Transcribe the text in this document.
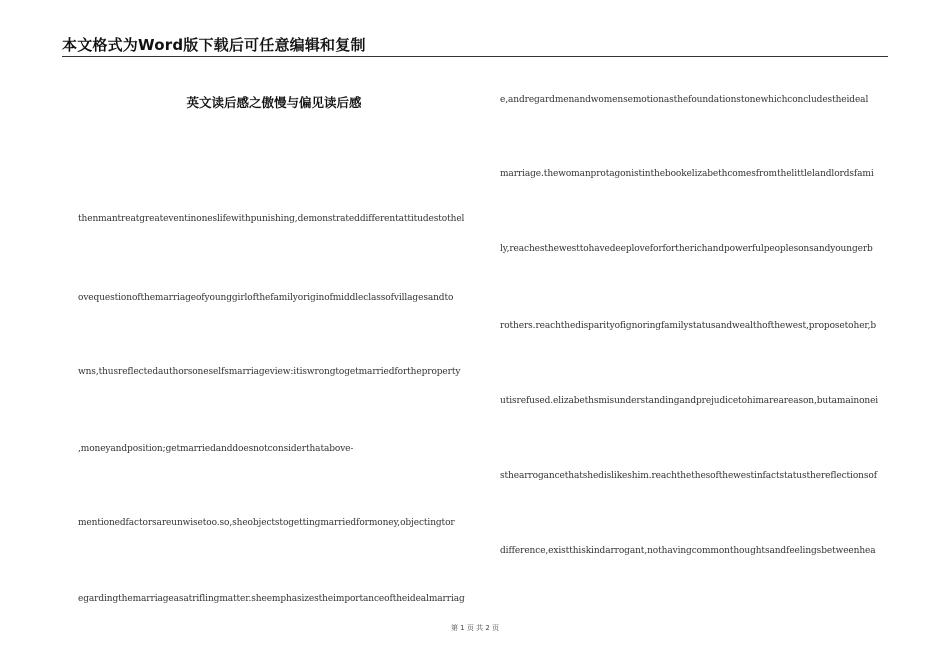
本文格式为Word版下载后可任意编辑和复制
英文读后感之傲慢与偏见读后感
thenmantreatgreateventinoneslifewithpunishing,demonstrateddifferentattitudestothel
ovequestionofthemarriageofyounggirlofthefamilyoriginofmiddleclassofvillagesandto
wns,thusreflectedauthorsoneselfsmarriageview:itiswrongtogetmarriedfortheproperty
,moneyandposition;getmarriedanddoesnotconsiderthatabove-
mentionedfactorsareunwisetoo.so,sheobjectstogettingmarriedformoney,objectingtor
egardingthemarriageasatriflingmatter.sheemphasizestheimportanceoftheidealmarriag
e,andregardmenandwomensemotionasthefoundationstonewhichconcludestheideal
marriage.thewomanprotagonistinthebookelizabethcomesfromthelittlelandlordsfami
ly,reachesthewesttohavedeeploveforfortherichandpowerfulpeoplesonsandyoungerb
rothers.reachthedisparityofignoringfamilystatusandwealthofthewest,proposetoher,b
utisrefused.elizabethsmisunderstandingandprejudicetohimareareason,butamainonei
sthearrogancethatshedislikeshim.reachthethesofthewestinfactstatusthereflectionsof
difference,existthiskindarrogant,nothavingcommonthoughtsandfeelingsbetweenhea
第 1 页 共 2 页
